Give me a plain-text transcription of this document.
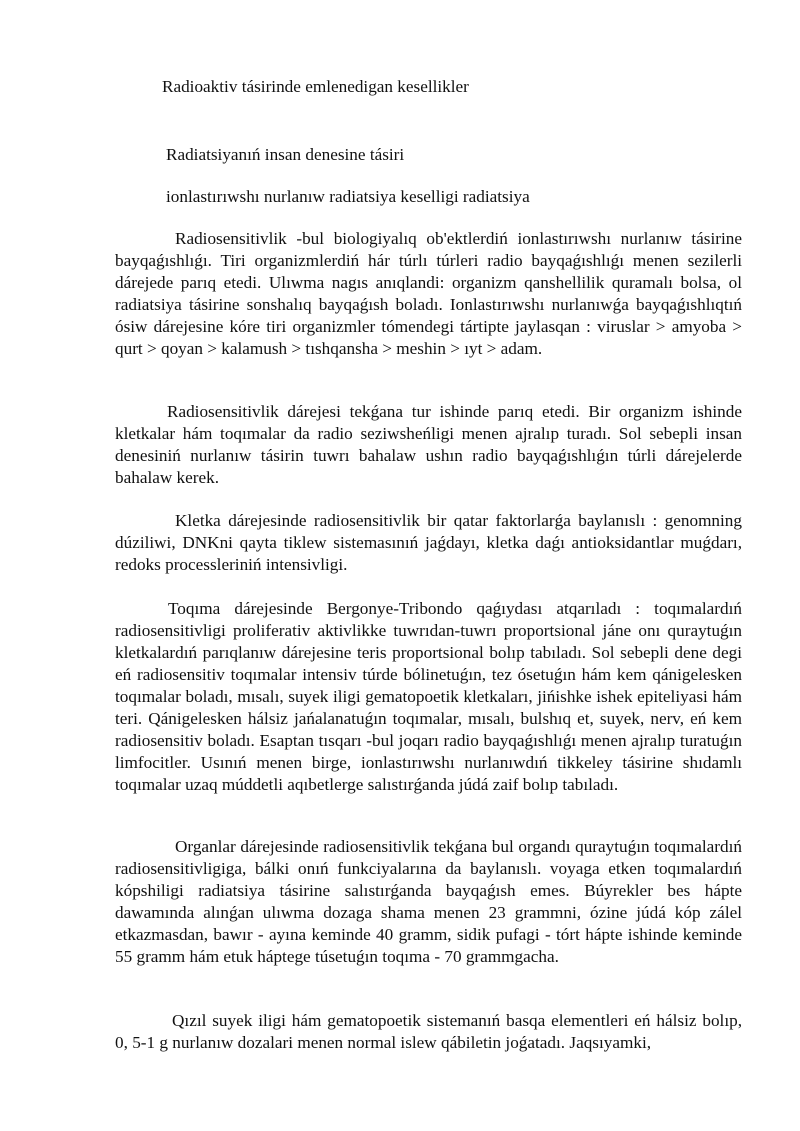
Radioaktiv tásirinde emlenedigan kesellikler
Radiatsiyanıń insan denesine tásiri
ionlastırıwshı nurlanıw radiatsiya keselligi radiatsiya

Radiosensitivlik -bul biologiyalıq ob'ektlerdiń ionlastırıwshı nurlanıw tásirine bayqaǵıshlıǵı. Tiri organizmlerdiń hár túrlı túrleri radio bayqaǵıshlıǵı menen sezilerli dárejede parıq etedi. Ulıwma nagıs anıqlandi: organizm qanshellilik quramalı bolsa, ol radiatsiya tásirine sonshalıq bayqaǵısh boladı. Ionlastırıwshı nurlanıwǵa bayqaǵıshlıqtıń ósiw dárejesine kóre tiri organizmler tómendegi tártipte jaylasqan : viruslar > amyoba > qurt > qoyan > kalamush > tıshqansha > meshin > ıyt > adam.

Radiosensitivlik dárejesi tekǵana tur ishinde parıq etedi. Bir organizm ishinde kletkalar hám toqımalar da radio seziwsheńligi menen ajralıp turadı. Sol sebepli insan denesiniń nurlanıw tásirin tuwrı bahalaw ushın radio bayqaǵıshlıǵın túrli dárejelerde bahalaw kerek.

Kletka dárejesinde radiosensitivlik bir qatar faktorlarǵa baylanıslı : genomning dúziliwi, DNKni qayta tiklew sistemasınıń jaǵdayı, kletka daǵı antioksidantlar muǵdarı, redoks processleriniń intensivligi.

Toqıma dárejesinde Bergonye-Tribondo qaǵıydası atqarıladı : toqımalardıń radiosensitivligi proliferativ aktivlikke tuwrıdan-tuwrı proportsional jáne onı quraytuǵın kletkalardıń parıqlanıw dárejesine teris proportsional bolıp tabıladı. Sol sebepli dene degi eń radiosensitiv toqımalar intensiv túrde bólinetuǵın, tez ósetuǵın hám kem qánigelesken toqımalar boladı, mısalı, suyek iligi gematopoetik kletkaları, jińishke ishek epiteliyasi hám teri. Qánigelesken hálsiz jańalanatuǵın toqımalar, mısalı, bulshıq et, suyek, nerv, eń kem radiosensitiv boladı. Esaptan tısqarı -bul joqarı radio bayqaǵıshlıǵı menen ajralıp turatuǵın limfocitler. Usınıń menen birge, ionlastırıwshı nurlanıwdıń tikkeley tásirine shıdamlı toqımalar uzaq múddetli aqıbetlerge salıstırǵanda júdá zaif bolıp tabıladı.

Organlar dárejesinde radiosensitivlik tekǵana bul organdı quraytuǵın toqımalardıń radiosensitivligiga, bálki onıń funkciyalarına da baylanıslı. voyaga etken toqımalardıń kópshiligi radiatsiya tásirine salıstırǵanda bayqaǵısh emes. Búyrekler bes hápte dawamında alınǵan ulıwma dozaga shama menen 23 grammni, ózine júdá kóp zálel etkazmasdan, bawır - ayına keminde 40 gramm, sidik pufagi - tórt hápte ishinde keminde 55 gramm hám etuk háptege túsetuǵın toqıma - 70 grammgacha.

Qızıl suyek iligi hám gematopoetik sistemanıń basqa elementleri eń hálsiz bolıp, 0, 5-1 g nurlanıw dozalari menen normal islew qábiletin joǵatadı. Jaqsıyamki,
